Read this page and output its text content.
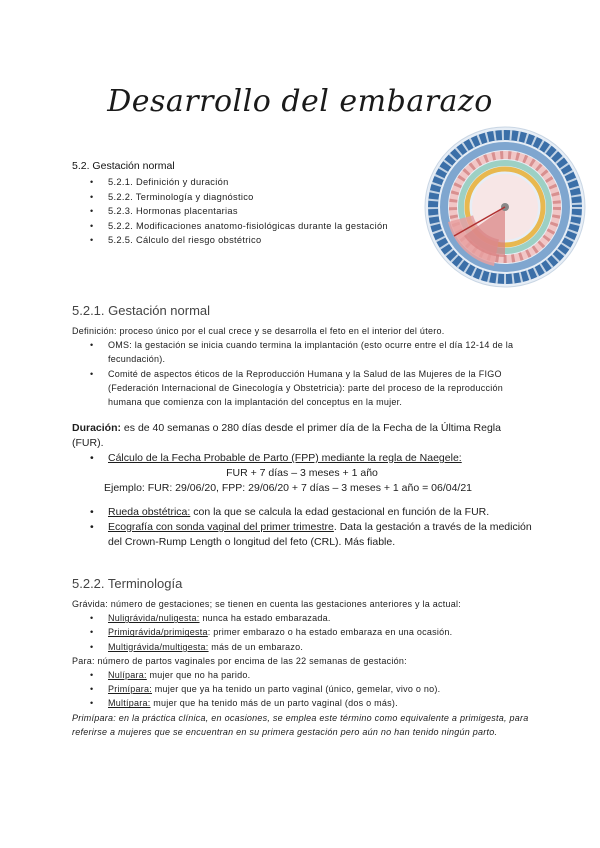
Desarrollo del embarazo
5.2. Gestación normal
• 5.2.1. Definición y duración
• 5.2.2. Terminología y diagnóstico
• 5.2.3. Hormonas placentarias
• 5.2.2. Modificaciones anatomo-fisiológicas durante la gestación
• 5.2.5. Cálculo del riesgo obstétrico
5.2.1. Gestación normal
Definición: proceso único por el cual crece y se desarrolla el feto en el interior del útero.
• OMS: la gestación se inicia cuando termina la implantación (esto ocurre entre el día 12-14 de la fecundación).
• Comité de aspectos éticos de la Reproducción Humana y la Salud de las Mujeres de la FIGO (Federación Internacional de Ginecología y Obstetricia): parte del proceso de la reproducción humana que comienza con la implantación del conceptus en la mujer.
Duración: es de 40 semanas o 280 días desde el primer día de la Fecha de la Última Regla (FUR).
• Cálculo de la Fecha Probable de Parto (FPP) mediante la regla de Naegele:
FUR + 7 días – 3 meses + 1 año
Ejemplo: FUR: 29/06/20, FPP: 29/06/20 + 7 días – 3 meses + 1 año = 06/04/21
• Rueda obstétrica: con la que se calcula la edad gestacional en función de la FUR.
• Ecografía con sonda vaginal del primer trimestre. Data la gestación a través de la medición del Crown-Rump Length o longitud del feto (CRL). Más fiable.
5.2.2. Terminología
Grávida: número de gestaciones; se tienen en cuenta las gestaciones anteriores y la actual:
• Nuligrávida/nuligesta: nunca ha estado embarazada.
• Primigrávida/primigesta: primer embarazo o ha estado embaraza en una ocasión.
• Multigrávida/multigesta: más de un embarazo.
Para: número de partos vaginales por encima de las 22 semanas de gestación:
• Nulípara: mujer que no ha parido.
• Primípara: mujer que ya ha tenido un parto vaginal (único, gemelar, vivo o no).
• Multípara: mujer que ha tenido más de un parto vaginal (dos o más).
Primípara: en la práctica clínica, en ocasiones, se emplea este término como equivalente a primigesta, para referirse a mujeres que se encuentran en su primera gestación pero aún no han tenido ningún parto.
